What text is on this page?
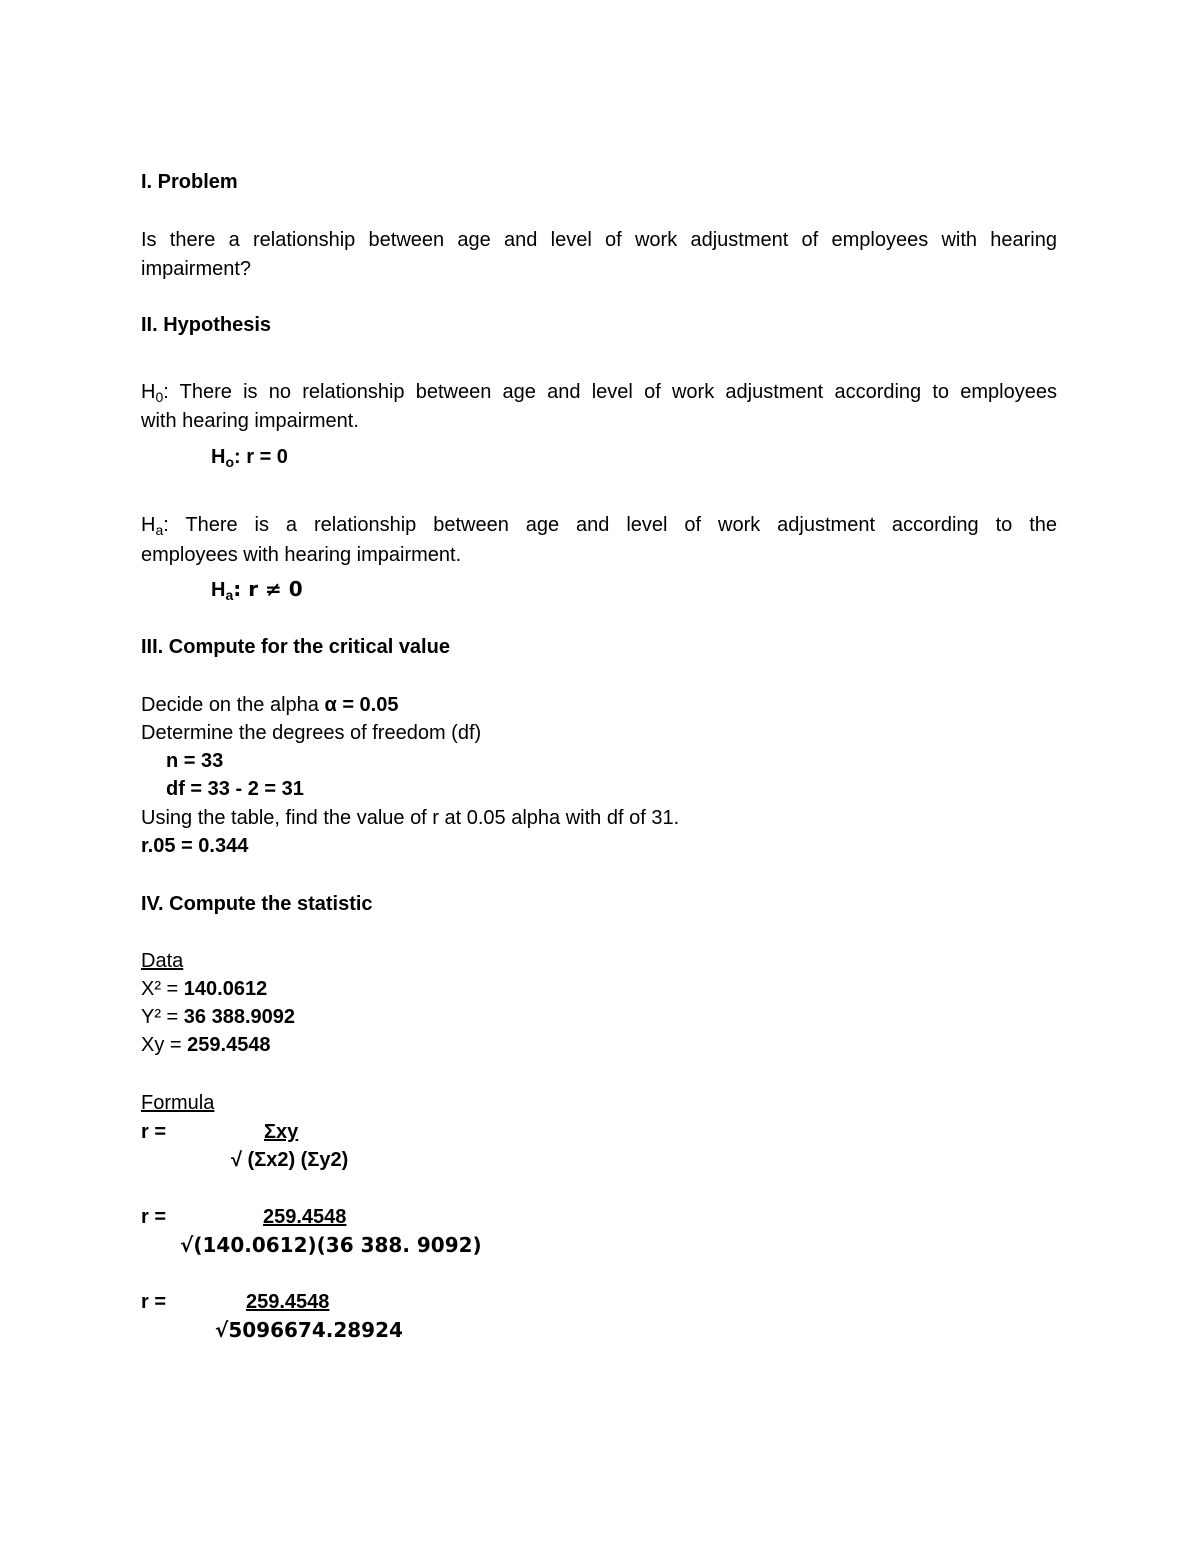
I. Problem
Is there a relationship between age and level of work adjustment of employees with hearing
impairment?
II. Hypothesis
$H_0$: There is no relationship between age and level of work adjustment according to employees
with hearing impairment.
$H_o$: r = 0
$H_a$: There is a relationship between age and level of work adjustment according to the
employees with hearing impairment.
$H_a$: r ≠ 0
III. Compute for the critical value
Decide on the alpha α = 0.05
Determine the degrees of freedom (df)
n = 33
df = 33 - 2 = 31
Using the table, find the value of r at 0.05 alpha with df of 31.
r.05 = 0.344
IV. Compute the statistic
Data
X² = 140.0612
Y² = 36 388.9092
Xy = 259.4548
Formula
r =	Σxy
√ (Σx2) (Σy2)
r =	259.4548
√(140.0612)(36 388. 9092)
r =	259.4548
√5096674.28924
